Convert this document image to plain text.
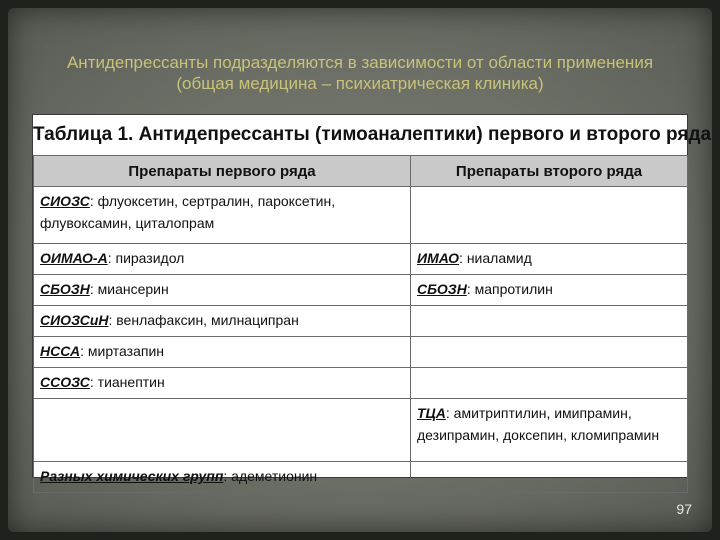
Антидепрессанты подразделяются в зависимости от области применения
(общая медицина – психиатрическая клиника)
Таблица 1. Антидепрессанты (тимоаналептики) первого и второго ряда
Препараты первого ряда	Препараты второго ряда
СИОЗС: флуоксетин, сертралин, пароксетин, флувоксамин, циталопрам	
ОИМАО-А: пиразидол	ИМАО: ниаламид
СБОЗН: миансерин	СБОЗН: мапротилин
СИОЗСиН: венлафаксин, милнаципран	
НССА: миртазапин	
ССОЗС: тианептин	
	ТЦА: амитриптилин, имипрамин, дезипрамин, доксепин, кломипрамин
Разных химических групп: адеметионин	
97
